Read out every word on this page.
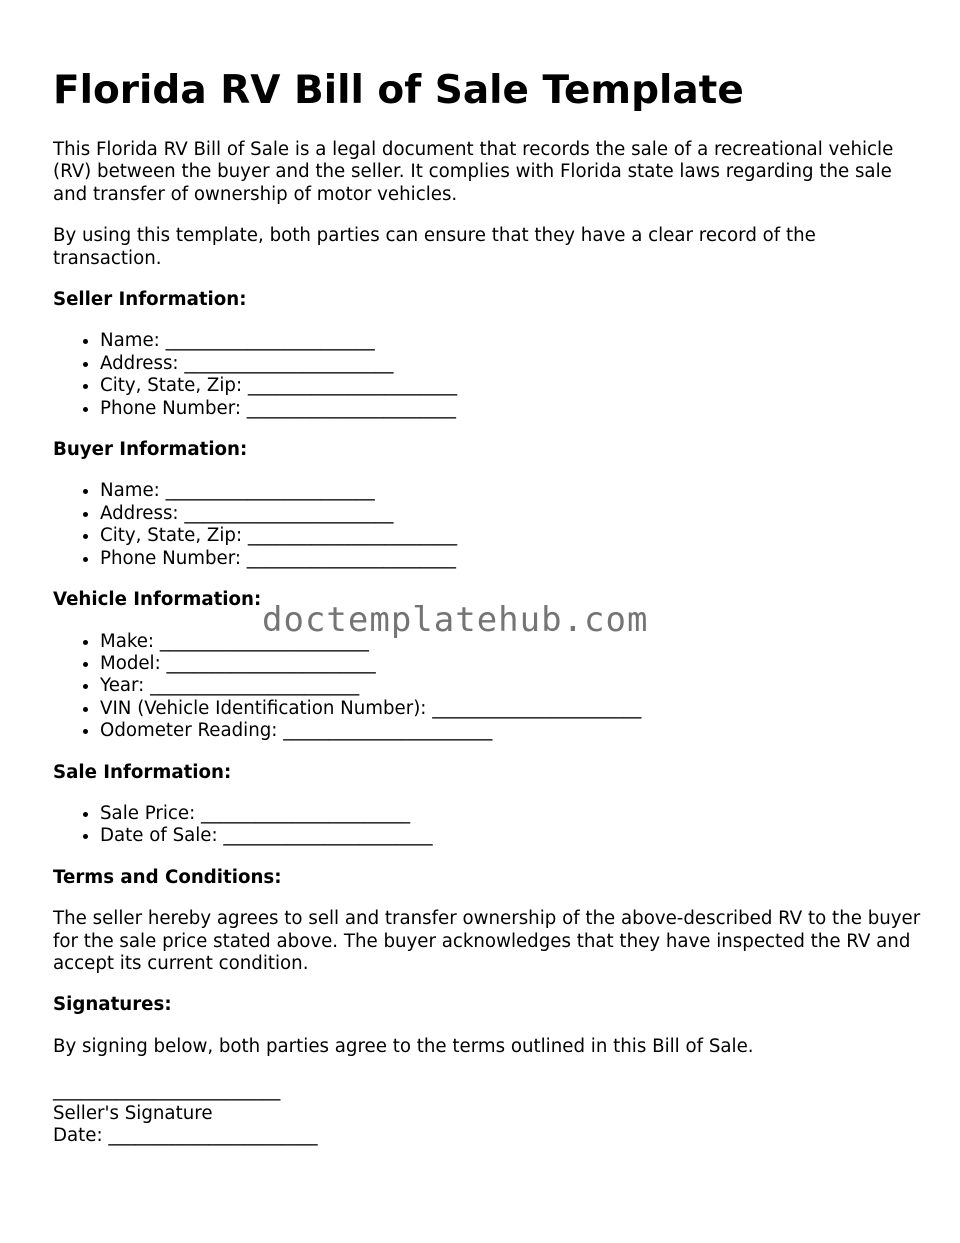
Florida RV Bill of Sale Template

This Florida RV Bill of Sale is a legal document that records the sale of a recreational vehicle (RV) between the buyer and the seller. It complies with Florida state laws regarding the sale and transfer of ownership of motor vehicles.

By using this template, both parties can ensure that they have a clear record of the transaction.

Seller Information:
• Name: _______________________
• Address: _______________________
• City, State, Zip: _______________________
• Phone Number: _______________________
Buyer Information:
• Name: _______________________
• Address: _______________________
• City, State, Zip: _______________________
• Phone Number: _______________________
Vehicle Information:
• Make: _______________________
• Model: _______________________
• Year: _______________________
• VIN (Vehicle Identification Number): _______________________
• Odometer Reading: _______________________
Sale Information:
• Sale Price: _______________________
• Date of Sale: _______________________
Terms and Conditions:

The seller hereby agrees to sell and transfer ownership of the above-described RV to the buyer for the sale price stated above. The buyer acknowledges that they have inspected the RV and accept its current condition.

Signatures:

By signing below, both parties agree to the terms outlined in this Bill of Sale.

_________________________
Seller's Signature
Date: _______________________
doctemplatehub.com
